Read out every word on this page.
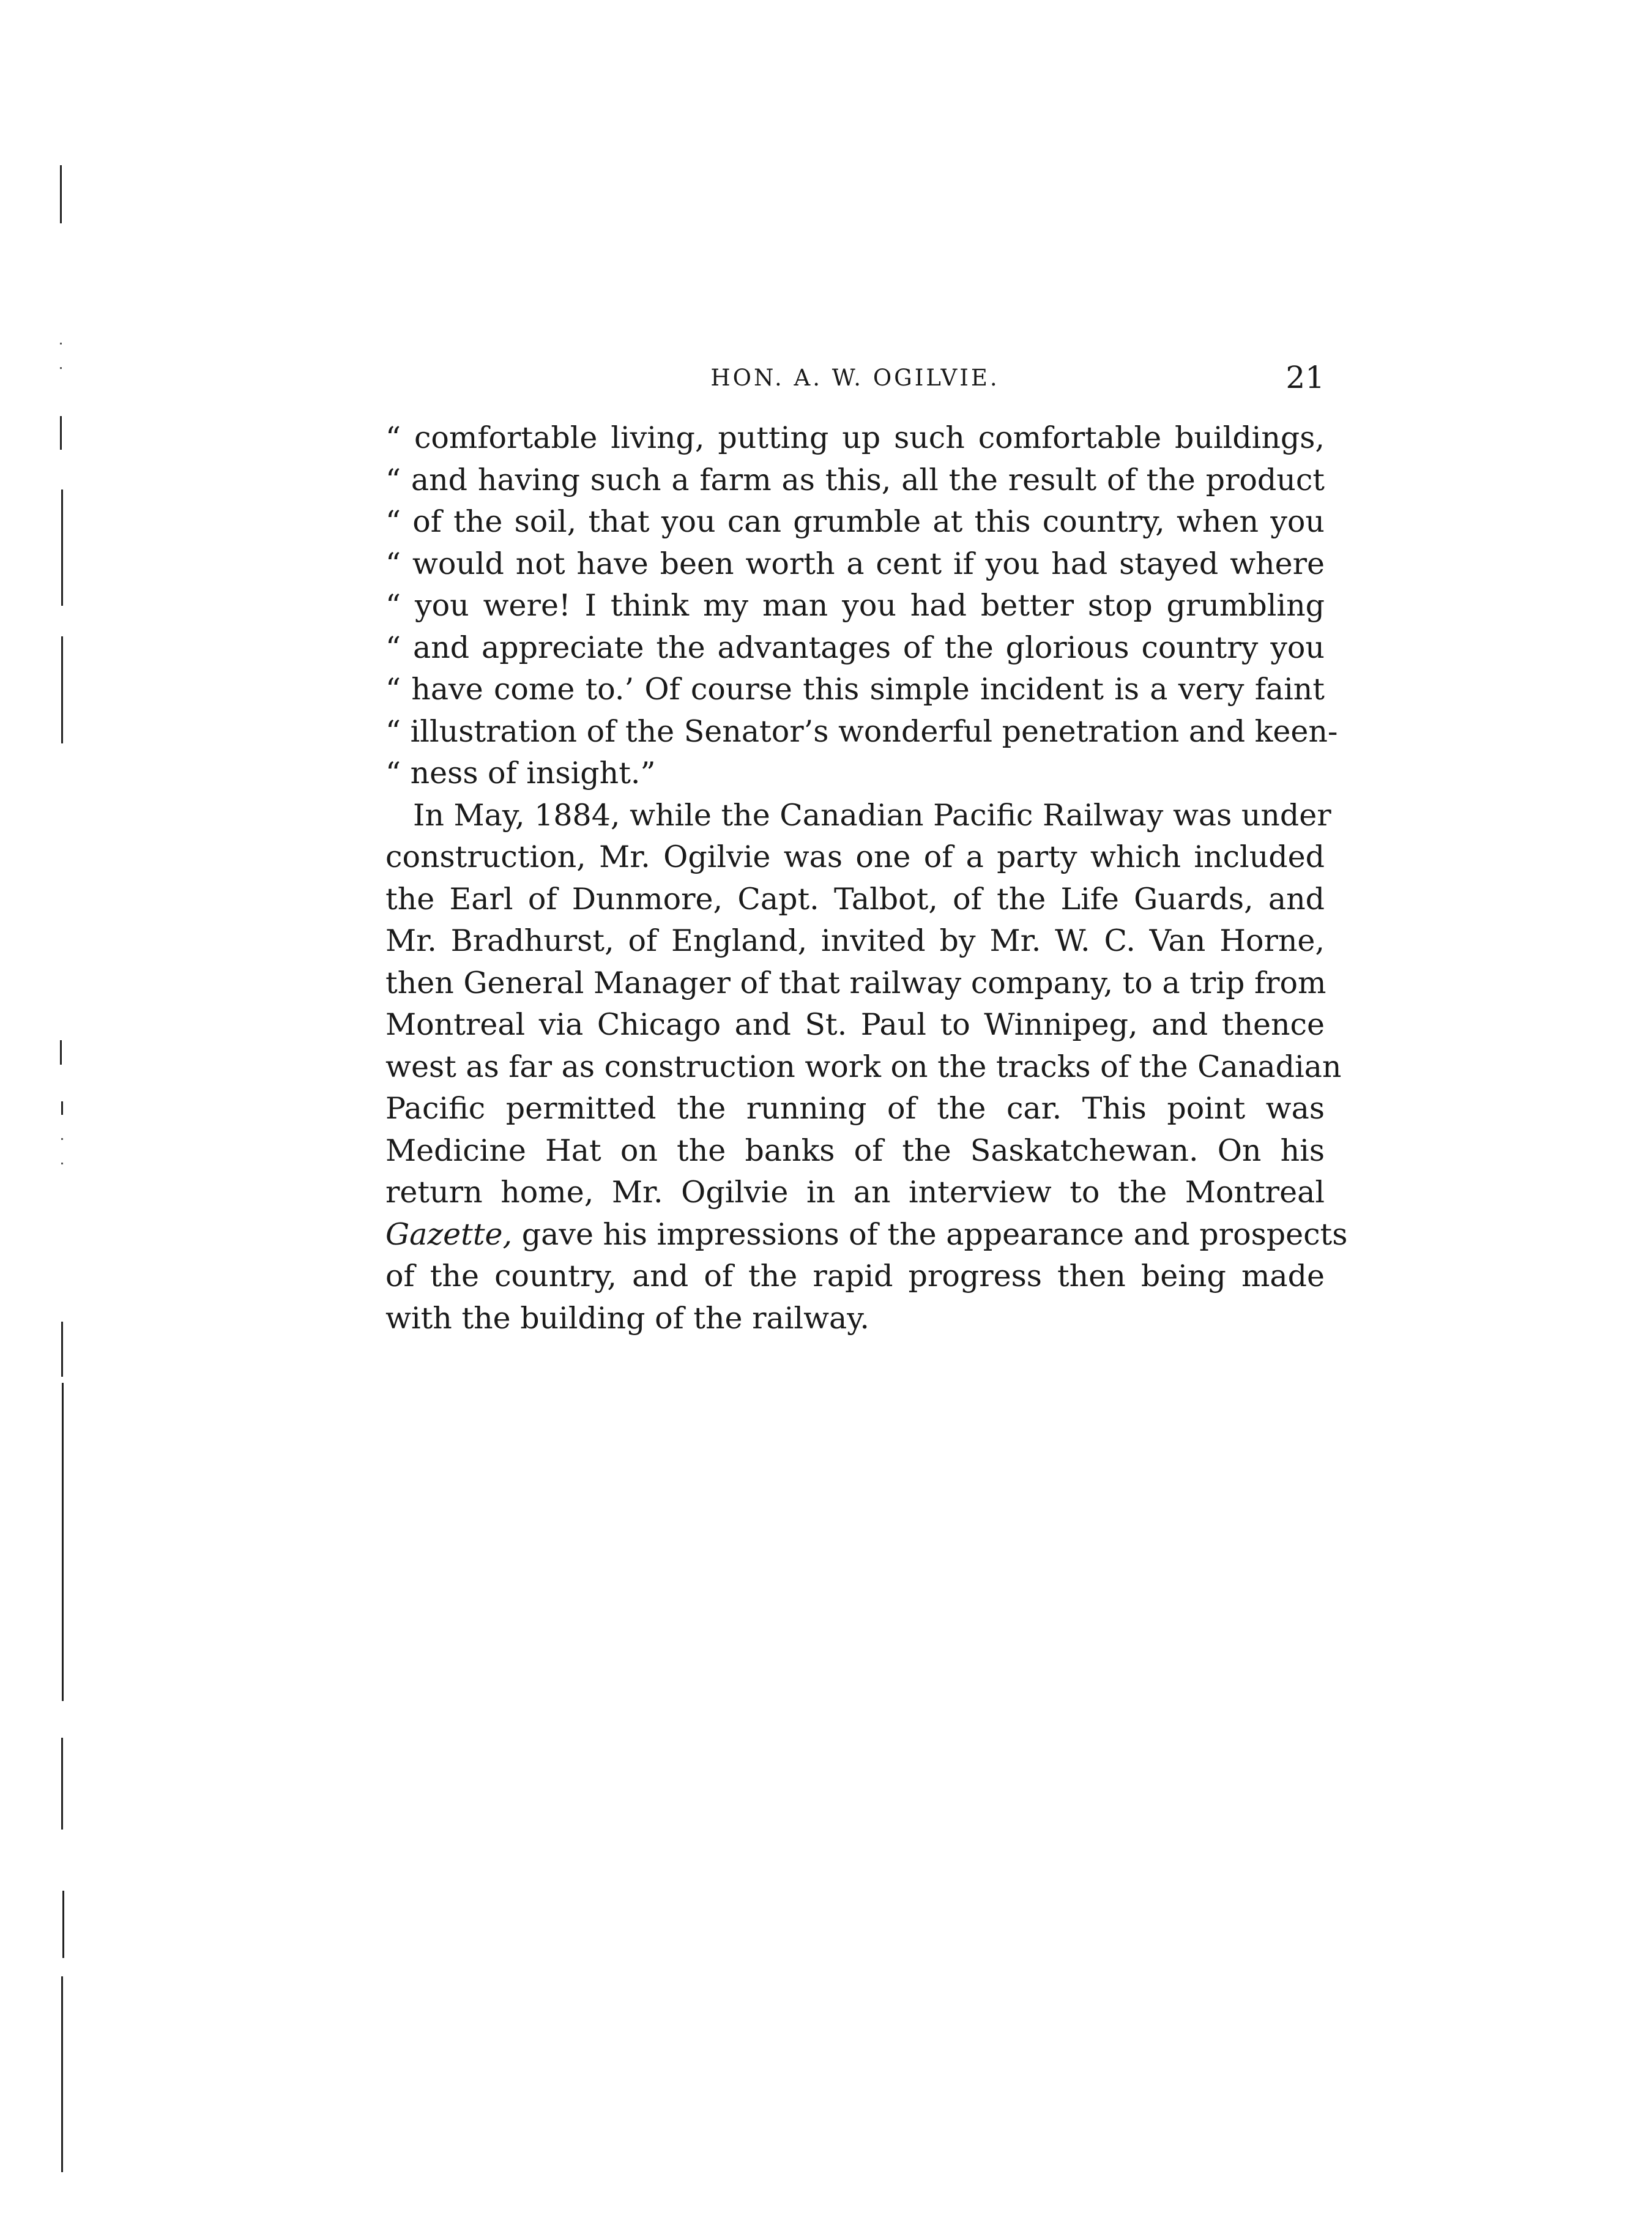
HON. A. W. OGILVIE.	21
“ comfortable living, putting up such comfortable buildings,
“ and having such a farm as this, all the result of the product
“ of the soil, that you can grumble at this country, when you
“ would not have been worth a cent if you had stayed where
“ you were! I think my man you had better stop grumbling
“ and appreciate the advantages of the glorious country you
“ have come to.’ Of course this simple incident is a very faint
“ illustration of the Senator’s wonderful penetration and keen-
“ ness of insight.”
In May, 1884, while the Canadian Pacific Railway was under
construction, Mr. Ogilvie was one of a party which included
the Earl of Dunmore, Capt. Talbot, of the Life Guards, and
Mr. Bradhurst, of England, invited by Mr. W. C. Van Horne,
then General Manager of that railway company, to a trip from
Montreal via Chicago and St. Paul to Winnipeg, and thence
west as far as construction work on the tracks of the Canadian
Pacific permitted the running of the car. This point was
Medicine Hat on the banks of the Saskatchewan. On his
return home, Mr. Ogilvie in an interview to the Montreal
Gazette, gave his impressions of the appearance and prospects
of the country, and of the rapid progress then being made
with the building of the railway.
